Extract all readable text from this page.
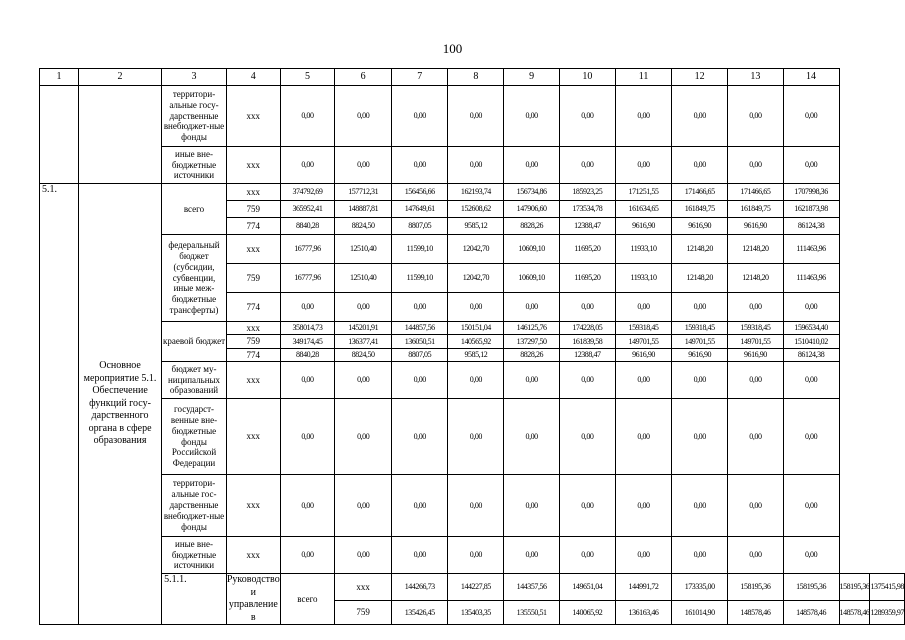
100
1	2	3	4	5	6	7	8	9	10	11	12	13	14		
		территори-альные госу-дарственные внебюджет-ные фонды	ххх	0,00	0,00	0,00	0,00	0,00	0,00	0,00	0,00	0,00	0,00		
		иные вне-бюджетные источники	ххх	0,00	0,00	0,00	0,00	0,00	0,00	0,00	0,00	0,00	0,00		
5.1.	Основное мероприятие 5.1. Обеспечение функций госу-дарственного органа в сфере образования	всего	ххх	374792,69	157712,31	156456,66	162193,74	156734,86	185923,25	171251,55	171466,65	171466,65	1707998,36		
			759	365952,41	148887,81	147649,61	152608,62	147906,60	173534,78	161634,65	161849,75	161849,75	1621873,98		
			774	8840,28	8824,50	8807,05	9585,12	8828,26	12388,47	9616,90	9616,90	9616,90	86124,38		
		федеральный бюджет (субсидии, субвенции, иные меж-бюджетные трансферты)	ххх	16777,96	12510,40	11599,10	12042,70	10609,10	11695,20	11933,10	12148,20	12148,20	111463,96		
			759	16777,96	12510,40	11599,10	12042,70	10609,10	11695,20	11933,10	12148,20	12148,20	111463,96		
			774	0,00	0,00	0,00	0,00	0,00	0,00	0,00	0,00	0,00	0,00		
		краевой бюджет	ххх	358014,73	145201,91	144857,56	150151,04	146125,76	174228,05	159318,45	159318,45	159318,45	1596534,40		
			759	349174,45	136377,41	136050,51	140565,92	137297,50	161839,58	149701,55	149701,55	149701,55	1510410,02		
			774	8840,28	8824,50	8807,05	9585,12	8828,26	12388,47	9616,90	9616,90	9616,90	86124,38		
		бюджет му-ниципальных образований	ххх	0,00	0,00	0,00	0,00	0,00	0,00	0,00	0,00	0,00	0,00		
		государст-венные вне-бюджетные фонды Российской Федерации	ххх	0,00	0,00	0,00	0,00	0,00	0,00	0,00	0,00	0,00	0,00		
		территори-альные гос-дарственные внебюджет-ные фонды	ххх	0,00	0,00	0,00	0,00	0,00	0,00	0,00	0,00	0,00	0,00		
		иные вне-бюджетные источники	ххх	0,00	0,00	0,00	0,00	0,00	0,00	0,00	0,00	0,00	0,00		
		5.1.1.	Руководство и управление в	всего	ххх	144266,73	144227,85	144357,56	149651,04	144991,72	173335,00	158195,36	158195,36	158195,36	1375415,98
					759	135426,45	135403,35	135550,51	140065,92	136163,46	161014,90	148578,46	148578,46	148578,46	1289359,97
